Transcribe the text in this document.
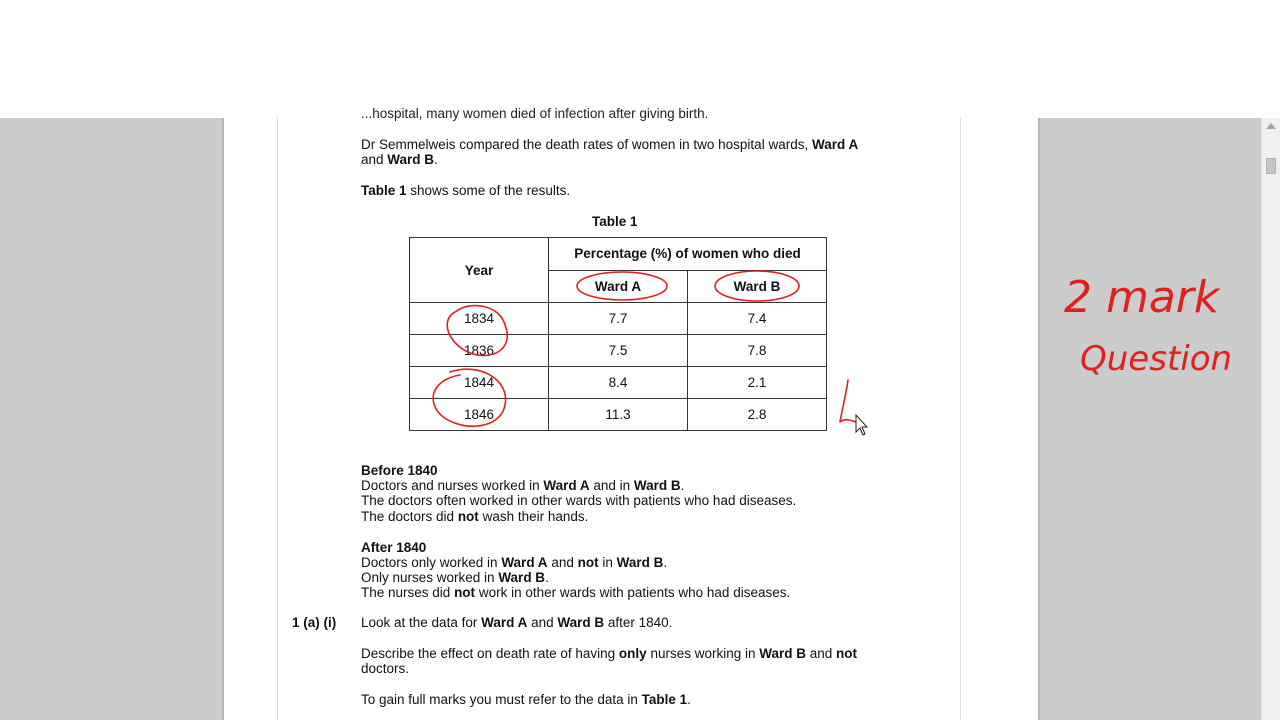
...hospital, many women died of infection after giving birth.
Dr Semmelweis compared the death rates of women in two hospital wards, Ward A
and Ward B.
Table 1 shows some of the results.
Table 1
Year	Percentage (%) of women who died	
	Ward A	Ward B
1834	7.7	7.4
1836	7.5	7.8
1844	8.4	2.1
1846	11.3	2.8
Before 1840
Doctors and nurses worked in Ward A and in Ward B.
The doctors often worked in other wards with patients who had diseases.
The doctors did not wash their hands.
After 1840
Doctors only worked in Ward A and not in Ward B.
Only nurses worked in Ward B.
The nurses did not work in other wards with patients who had diseases.
1 (a) (i) Look at the data for Ward A and Ward B after 1840.
Describe the effect on death rate of having only nurses working in Ward B and not
doctors.
To gain full marks you must refer to the data in Table 1.
2 mark
Question
